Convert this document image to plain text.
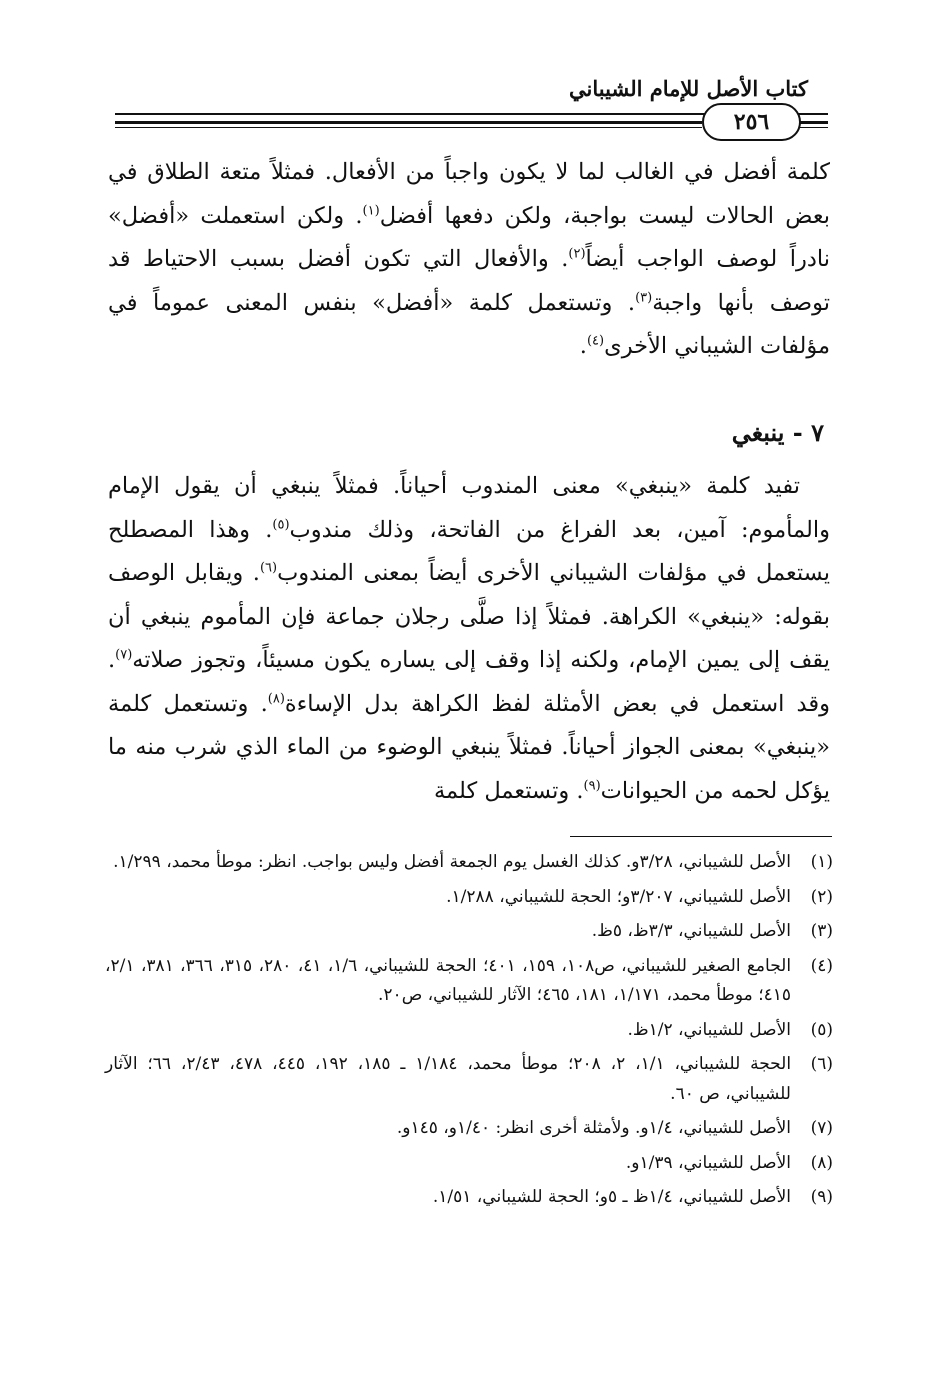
كتاب الأصل للإمام الشيباني
٢٥٦

كلمة أفضل في الغالب لما لا يكون واجباً من الأفعال. فمثلاً متعة الطلاق في بعض الحالات ليست بواجبة، ولكن دفعها أفضل$^{(١)}$. ولكن استعملت «أفضل» نادراً لوصف الواجب أيضاً$^{(٢)}$. والأفعال التي تكون أفضل بسبب الاحتياط قد توصف بأنها واجبة$^{(٣)}$. وتستعمل كلمة «أفضل» بنفس المعنى عموماً في مؤلفات الشيباني الأخرى$^{(٤)}$.

٧ - ينبغي

تفيد كلمة «ينبغي» معنى المندوب أحياناً. فمثلاً ينبغي أن يقول الإمام والمأموم: آمين، بعد الفراغ من الفاتحة، وذلك مندوب$^{(٥)}$. وهذا المصطلح يستعمل في مؤلفات الشيباني الأخرى أيضاً بمعنى المندوب$^{(٦)}$. ويقابل الوصف بقوله: «ينبغي» الكراهة. فمثلاً إذا صلَّى رجلان جماعة فإن المأموم ينبغي أن يقف إلى يمين الإمام، ولكنه إذا وقف إلى يساره يكون مسيئاً، وتجوز صلاته$^{(٧)}$. وقد استعمل في بعض الأمثلة لفظ الكراهة بدل الإساءة$^{(٨)}$. وتستعمل كلمة «ينبغي» بمعنى الجواز أحياناً. فمثلاً ينبغي الوضوء من الماء الذي شرب منه ما يؤكل لحمه من الحيوانات$^{(٩)}$. وتستعمل كلمة

(١)
الأصل للشيباني، ٣/٢٨و. كذلك الغسل يوم الجمعة أفضل وليس بواجب. انظر: موطأ محمد، ١/٢٩٩.
(٢)
الأصل للشيباني، ٣/٢٠٧و؛ الحجة للشيباني، ١/٢٨٨.
(٣)
الأصل للشيباني، ٣/٣ظ، ٥ظ.
(٤)
الجامع الصغير للشيباني، ص١٠٨، ١٥٩، ٤٠١؛ الحجة للشيباني، ١/٦، ٤١، ٢٨٠، ٣١٥، ٣٦٦، ٣٨١، ٢/١، ٤١٥؛ موطأ محمد، ١/١٧١، ١٨١، ٤٦٥؛ الآثار للشيباني، ص٢٠.
(٥)
الأصل للشيباني، ١/٢ظ.
(٦)
الحجة للشيباني، ١/١، ٢، ٢٠٨؛ موطأ محمد، ١/١٨٤ ـ ١٨٥، ١٩٢، ٤٤٥، ٤٧٨، ٢/٤٣، ٦٦؛ الآثار للشيباني، ص ٦٠.
(٧)
الأصل للشيباني، ١/٤و. ولأمثلة أخرى انظر: ١/٤٠و، ١٤٥و.
(٨)
الأصل للشيباني، ١/٣٩و.
(٩)
الأصل للشيباني، ١/٤ظ ـ ٥و؛ الحجة للشيباني، ١/٥١.
